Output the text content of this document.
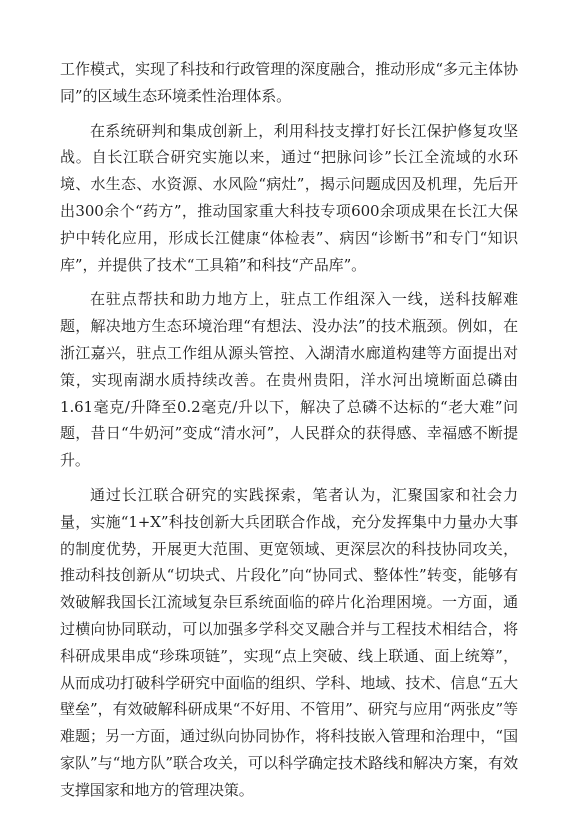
工作模式，实现了科技和行政管理的深度融合，推动形成“多元主体协同”的区域生态环境柔性治理体系。

在系统研判和集成创新上，利用科技支撑打好长江保护修复攻坚战。自长江联合研究实施以来，通过“把脉问诊”长江全流域的水环境、水生态、水资源、水风险“病灶”，揭示问题成因及机理，先后开出300余个“药方”，推动国家重大科技专项600余项成果在长江大保护中转化应用，形成长江健康“体检表”、病因“诊断书”和专门“知识库”，并提供了技术“工具箱”和科技“产品库”。

在驻点帮扶和助力地方上，驻点工作组深入一线，送科技解难题，解决地方生态环境治理“有想法、没办法”的技术瓶颈。例如，在浙江嘉兴，驻点工作组从源头管控、入湖清水廊道构建等方面提出对策，实现南湖水质持续改善。在贵州贵阳，洋水河出境断面总磷由1.61毫克/升降至0.2毫克/升以下，解决了总磷不达标的“老大难”问题，昔日“牛奶河”变成“清水河”，人民群众的获得感、幸福感不断提升。

通过长江联合研究的实践探索，笔者认为，汇聚国家和社会力量，实施“1+X”科技创新大兵团联合作战，充分发挥集中力量办大事的制度优势，开展更大范围、更宽领域、更深层次的科技协同攻关，推动科技创新从“切块式、片段化”向“协同式、整体性”转变，能够有效破解我国长江流域复杂巨系统面临的碎片化治理困境。一方面，通过横向协同联动，可以加强多学科交叉融合并与工程技术相结合，将科研成果串成“珍珠项链”，实现“点上突破、线上联通、面上统筹”，从而成功打破科学研究中面临的组织、学科、地域、技术、信息“五大壁垒”，有效破解科研成果“不好用、不管用”、研究与应用“两张皮”等难题；另一方面，通过纵向协同协作，将科技嵌入管理和治理中，“国家队”与“地方队”联合攻关，可以科学确定技术路线和解决方案，有效支撑国家和地方的管理决策。
